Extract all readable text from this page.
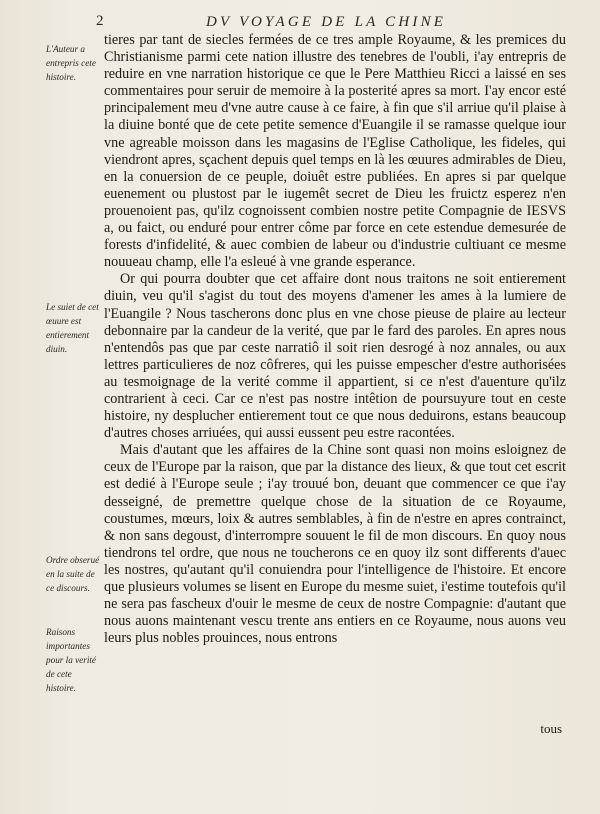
2	DV VOYAGE DE LA CHINE
L'Auteur a entrepris cete histoire.
Le suiet de cet œuure est entierement diuin.
Ordre obserué en la suite de ce discours.
Raisons importantes pour la verité de cete histoire.

tieres par tant de siecles fermées de ce tres ample Royaume, & les premices du Christianisme parmi cete nation illustre des tenebres de l'oubli, i'ay entrepris de reduire en vne narration historique ce que le Pere Matthieu Ricci a laissé en ses commentaires pour seruir de memoire à la posterité apres sa mort. I'ay encor esté principalement meu d'vne autre cause à ce faire, à fin que s'il arriue qu'il plaise à la diuine bonté que de cete petite semence d'Euangile il se ramasse quelque iour vne agreable moisson dans les magasins de l'Eglise Catholique, les fideles, qui viendront apres, sçachent depuis quel temps en là les œuures admirables de Dieu, en la conuersion de ce peuple, doiuêt estre publiées. En apres si par quelque euenement ou plustost par le iugemêt secret de Dieu les fruictz esperez n'en prouenoient pas, qu'ilz cognoissent combien nostre petite Compagnie de IESVS a, ou faict, ou enduré pour entrer côme par force en cete estendue demesurée de forests d'infidelité, & auec combien de labeur ou d'industrie cultiuant ce mesme nouueau champ, elle l'a esleué à vne grande esperance.

Or qui pourra doubter que cet affaire dont nous traitons ne soit entierement diuin, veu qu'il s'agist du tout des moyens d'amener les ames à la lumiere de l'Euangile ? Nous tascherons donc plus en vne chose pieuse de plaire au lecteur debonnaire par la candeur de la verité, que par le fard des paroles. En apres nous n'entendôs pas que par ceste narratiô il soit rien desrogé à noz annales, ou aux lettres particulieres de noz côfreres, qui les puisse empescher d'estre authorisées au tesmoignage de la verité comme il appartient, si ce n'est d'auenture qu'ilz contrarient à ceci. Car ce n'est pas nostre intêtion de poursuyure tout en ceste histoire, ny desplucher entierement tout ce que nous deduirons, estans beaucoup d'autres choses arriuées, qui aussi eussent peu estre racontées.

Mais d'autant que les affaires de la Chine sont quasi non moins esloignez de ceux de l'Europe par la raison, que par la distance des lieux, & que tout cet escrit est dedié à l'Europe seule ; i'ay trouué bon, deuant que commencer ce que i'ay desseigné, de premettre quelque chose de la situation de ce Royaume, coustumes, mœurs, loix & autres semblables, à fin de n'estre en apres contrainct, & non sans degoust, d'interrompre souuent le fil de mon discours. En quoy nous tiendrons tel ordre, que nous ne toucherons ce en quoy ilz sont differents d'auec les nostres, qu'autant qu'il conuiendra pour l'intelligence de l'histoire. Et encore que plusieurs volumes se lisent en Europe du mesme suiet, i'estime toutefois qu'il ne sera pas fascheux d'ouir le mesme de ceux de nostre Compagnie: d'autant que nous auons maintenant vescu trente ans entiers en ce Royaume, nous auons veu leurs plus nobles prouinces, nous entrons

tous
